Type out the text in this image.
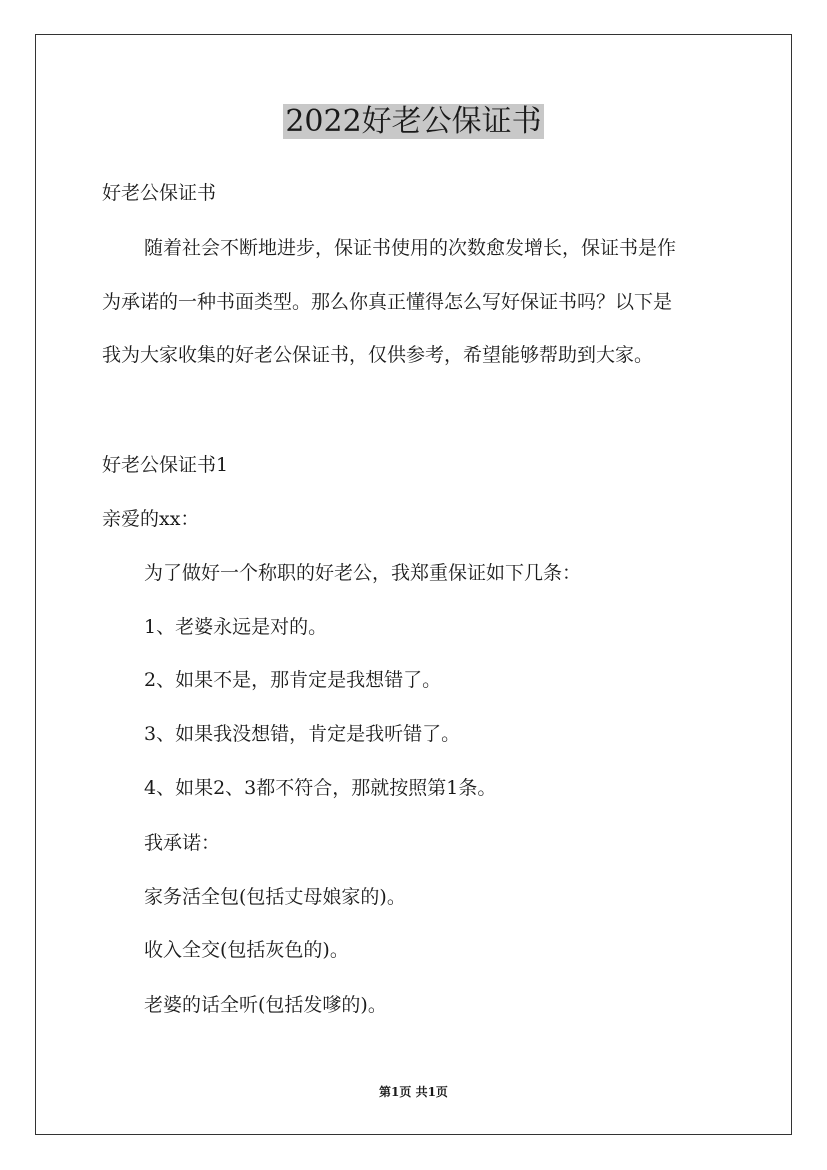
2022好老公保证书
好老公保证书
随着社会不断地进步，保证书使用的次数愈发增长，保证书是作
为承诺的一种书面类型。那么你真正懂得怎么写好保证书吗？以下是
我为大家收集的好老公保证书，仅供参考，希望能够帮助到大家。
好老公保证书1
亲爱的xx：
为了做好一个称职的好老公，我郑重保证如下几条：
1、老婆永远是对的。
2、如果不是，那肯定是我想错了。
3、如果我没想错，肯定是我听错了。
4、如果2、3都不符合，那就按照第1条。
我承诺：
家务活全包(包括丈母娘家的)。
收入全交(包括灰色的)。
老婆的话全听(包括发嗲的)。
第1页 共1页
